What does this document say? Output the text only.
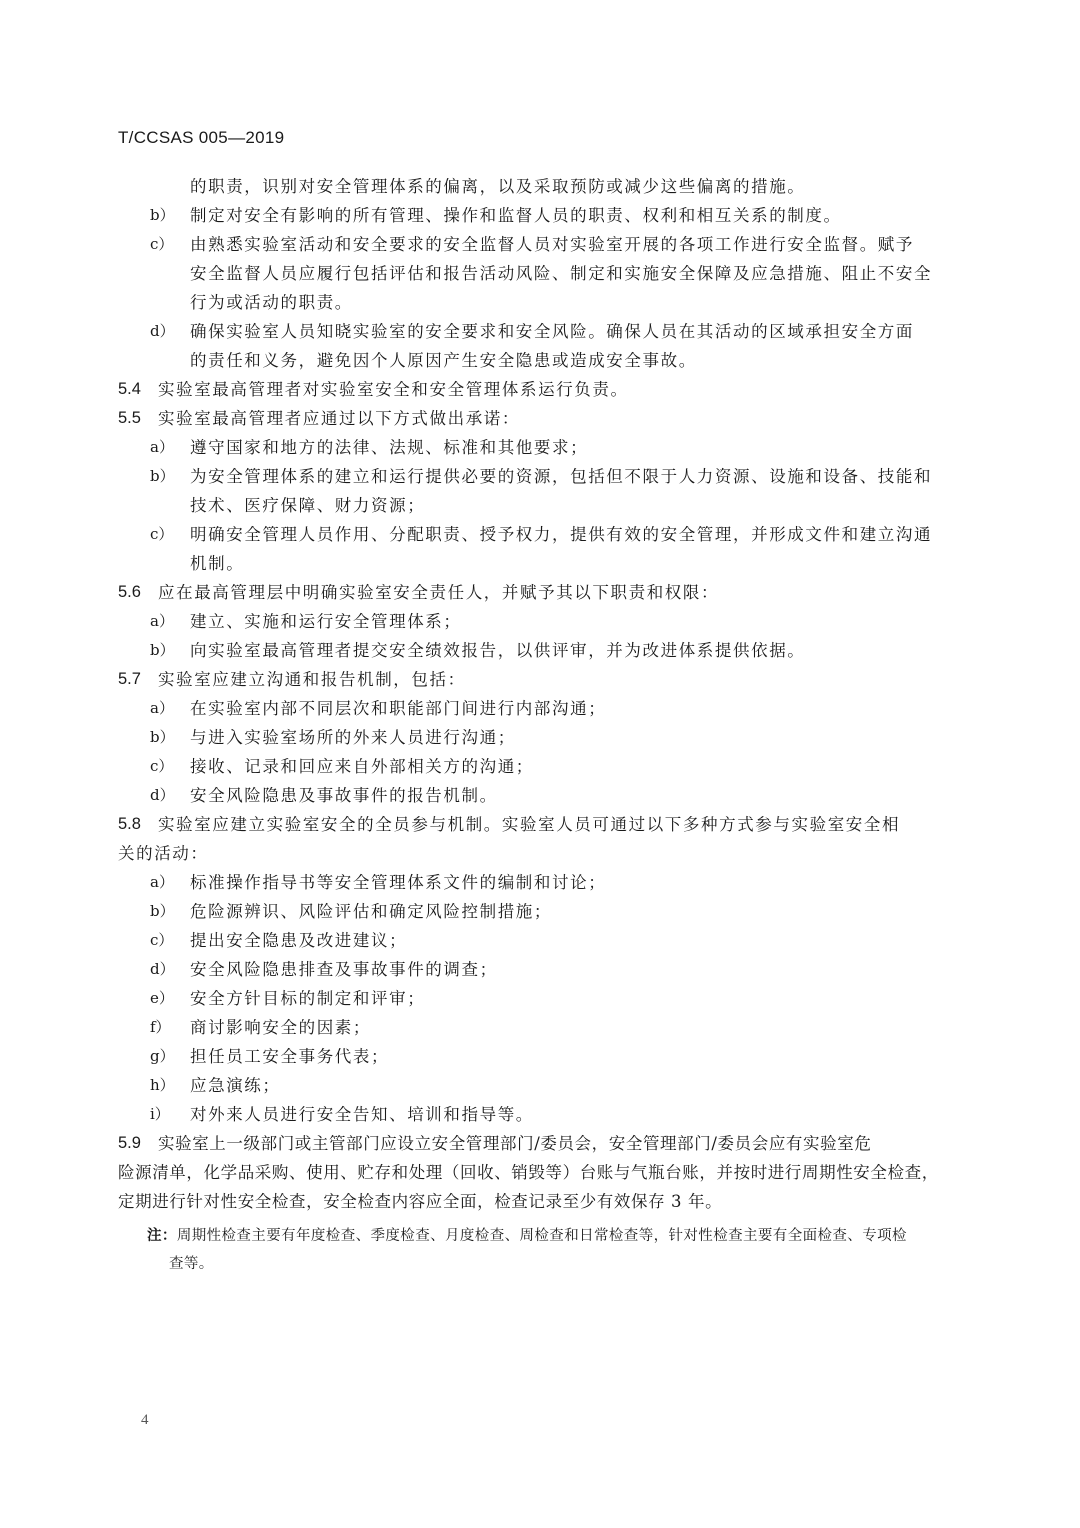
T/CCSAS 005—2019
的职责，识别对安全管理体系的偏离，以及采取预防或减少这些偏离的措施。
b） 制定对安全有影响的所有管理、操作和监督人员的职责、权利和相互关系的制度。
c） 由熟悉实验室活动和安全要求的安全监督人员对实验室开展的各项工作进行安全监督。赋予
安全监督人员应履行包括评估和报告活动风险、制定和实施安全保障及应急措施、阻止不安全
行为或活动的职责。
d） 确保实验室人员知晓实验室的安全要求和安全风险。确保人员在其活动的区域承担安全方面
的责任和义务，避免因个人原因产生安全隐患或造成安全事故。
5.4 实验室最高管理者对实验室安全和安全管理体系运行负责。
5.5 实验室最高管理者应通过以下方式做出承诺：
a） 遵守国家和地方的法律、法规、标准和其他要求；
b） 为安全管理体系的建立和运行提供必要的资源，包括但不限于人力资源、设施和设备、技能和
技术、医疗保障、财力资源；
c） 明确安全管理人员作用、分配职责、授予权力，提供有效的安全管理，并形成文件和建立沟通
机制。
5.6 应在最高管理层中明确实验室安全责任人，并赋予其以下职责和权限：
a） 建立、实施和运行安全管理体系；
b） 向实验室最高管理者提交安全绩效报告，以供评审，并为改进体系提供依据。
5.7 实验室应建立沟通和报告机制，包括：
a） 在实验室内部不同层次和职能部门间进行内部沟通；
b） 与进入实验室场所的外来人员进行沟通；
c） 接收、记录和回应来自外部相关方的沟通；
d） 安全风险隐患及事故事件的报告机制。
5.8 实验室应建立实验室安全的全员参与机制。实验室人员可通过以下多种方式参与实验室安全相
关的活动：
a） 标准操作指导书等安全管理体系文件的编制和讨论；
b） 危险源辨识、风险评估和确定风险控制措施；
c） 提出安全隐患及改进建议；
d） 安全风险隐患排查及事故事件的调查；
e） 安全方针目标的制定和评审；
f） 商讨影响安全的因素；
g） 担任员工安全事务代表；
h） 应急演练；
i） 对外来人员进行安全告知、培训和指导等。
5.9 实验室上一级部门或主管部门应设立安全管理部门/委员会，安全管理部门/委员会应有实验室危
险源清单，化学品采购、使用、贮存和处理（回收、销毁等）台账与气瓶台账，并按时进行周期性安全检查，
定期进行针对性安全检查，安全检查内容应全面，检查记录至少有效保存 3 年。
注：周期性检查主要有年度检查、季度检查、月度检查、周检查和日常检查等，针对性检查主要有全面检查、专项检
查等。
4
